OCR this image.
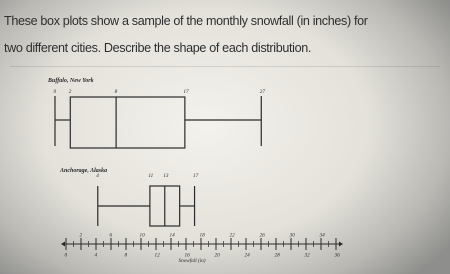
These box plots show a sample of the monthly snowfall (in inches) for
two different cities. Describe the shape of each distribution.
Buffalo, New York
0 2	8	17	27
Anchorage, Alaska
4	11 13	17
0
2
4
6
8
10
12
14
16
18
20
22
24
26
28
30
32
34
36
Snowfall (in)
